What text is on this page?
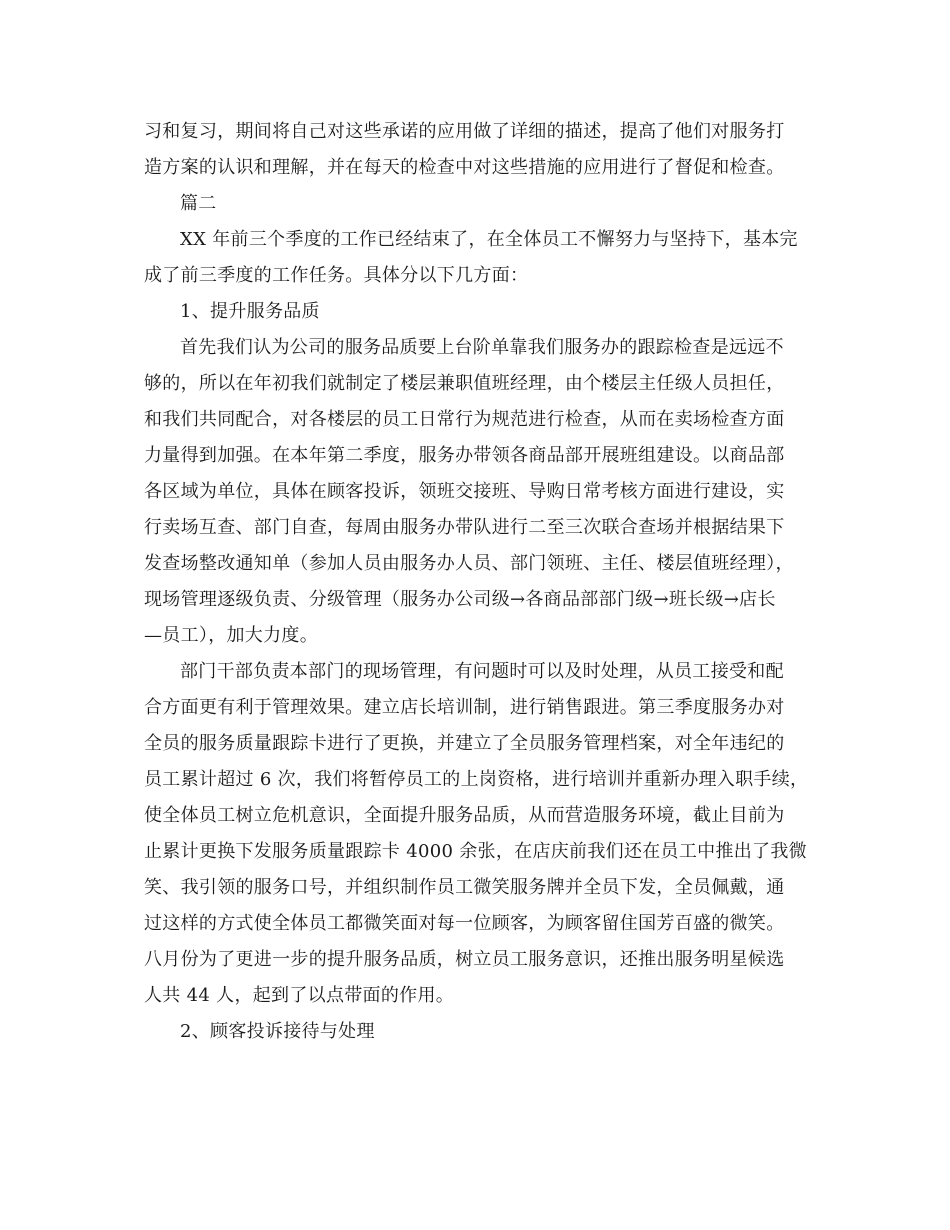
习和复习，期间将自己对这些承诺的应用做了详细的描述，提高了他们对服务打
造方案的认识和理解，并在每天的检查中对这些措施的应用进行了督促和检查。
篇二
XX 年前三个季度的工作已经结束了，在全体员工不懈努力与坚持下，基本完
成了前三季度的工作任务。具体分以下几方面：
1、提升服务品质
首先我们认为公司的服务品质要上台阶单靠我们服务办的跟踪检查是远远不
够的，所以在年初我们就制定了楼层兼职值班经理，由个楼层主任级人员担任，
和我们共同配合，对各楼层的员工日常行为规范进行检查，从而在卖场检查方面
力量得到加强。在本年第二季度，服务办带领各商品部开展班组建设。以商品部
各区域为单位，具体在顾客投诉，领班交接班、导购日常考核方面进行建设，实
行卖场互查、部门自查，每周由服务办带队进行二至三次联合查场并根据结果下
发查场整改通知单（参加人员由服务办人员、部门领班、主任、楼层值班经理），
现场管理逐级负责、分级管理（服务办公司级→各商品部部门级→班长级→店长
—员工），加大力度。
部门干部负责本部门的现场管理，有问题时可以及时处理，从员工接受和配
合方面更有利于管理效果。建立店长培训制，进行销售跟进。第三季度服务办对
全员的服务质量跟踪卡进行了更换，并建立了全员服务管理档案，对全年违纪的
员工累计超过 6 次，我们将暂停员工的上岗资格，进行培训并重新办理入职手续，
使全体员工树立危机意识，全面提升服务品质，从而营造服务环境，截止目前为
止累计更换下发服务质量跟踪卡 4000 余张，在店庆前我们还在员工中推出了我微
笑、我引领的服务口号，并组织制作员工微笑服务牌并全员下发，全员佩戴，通
过这样的方式使全体员工都微笑面对每一位顾客，为顾客留住国芳百盛的微笑。
八月份为了更进一步的提升服务品质，树立员工服务意识，还推出服务明星候选
人共 44 人，起到了以点带面的作用。
2、顾客投诉接待与处理
